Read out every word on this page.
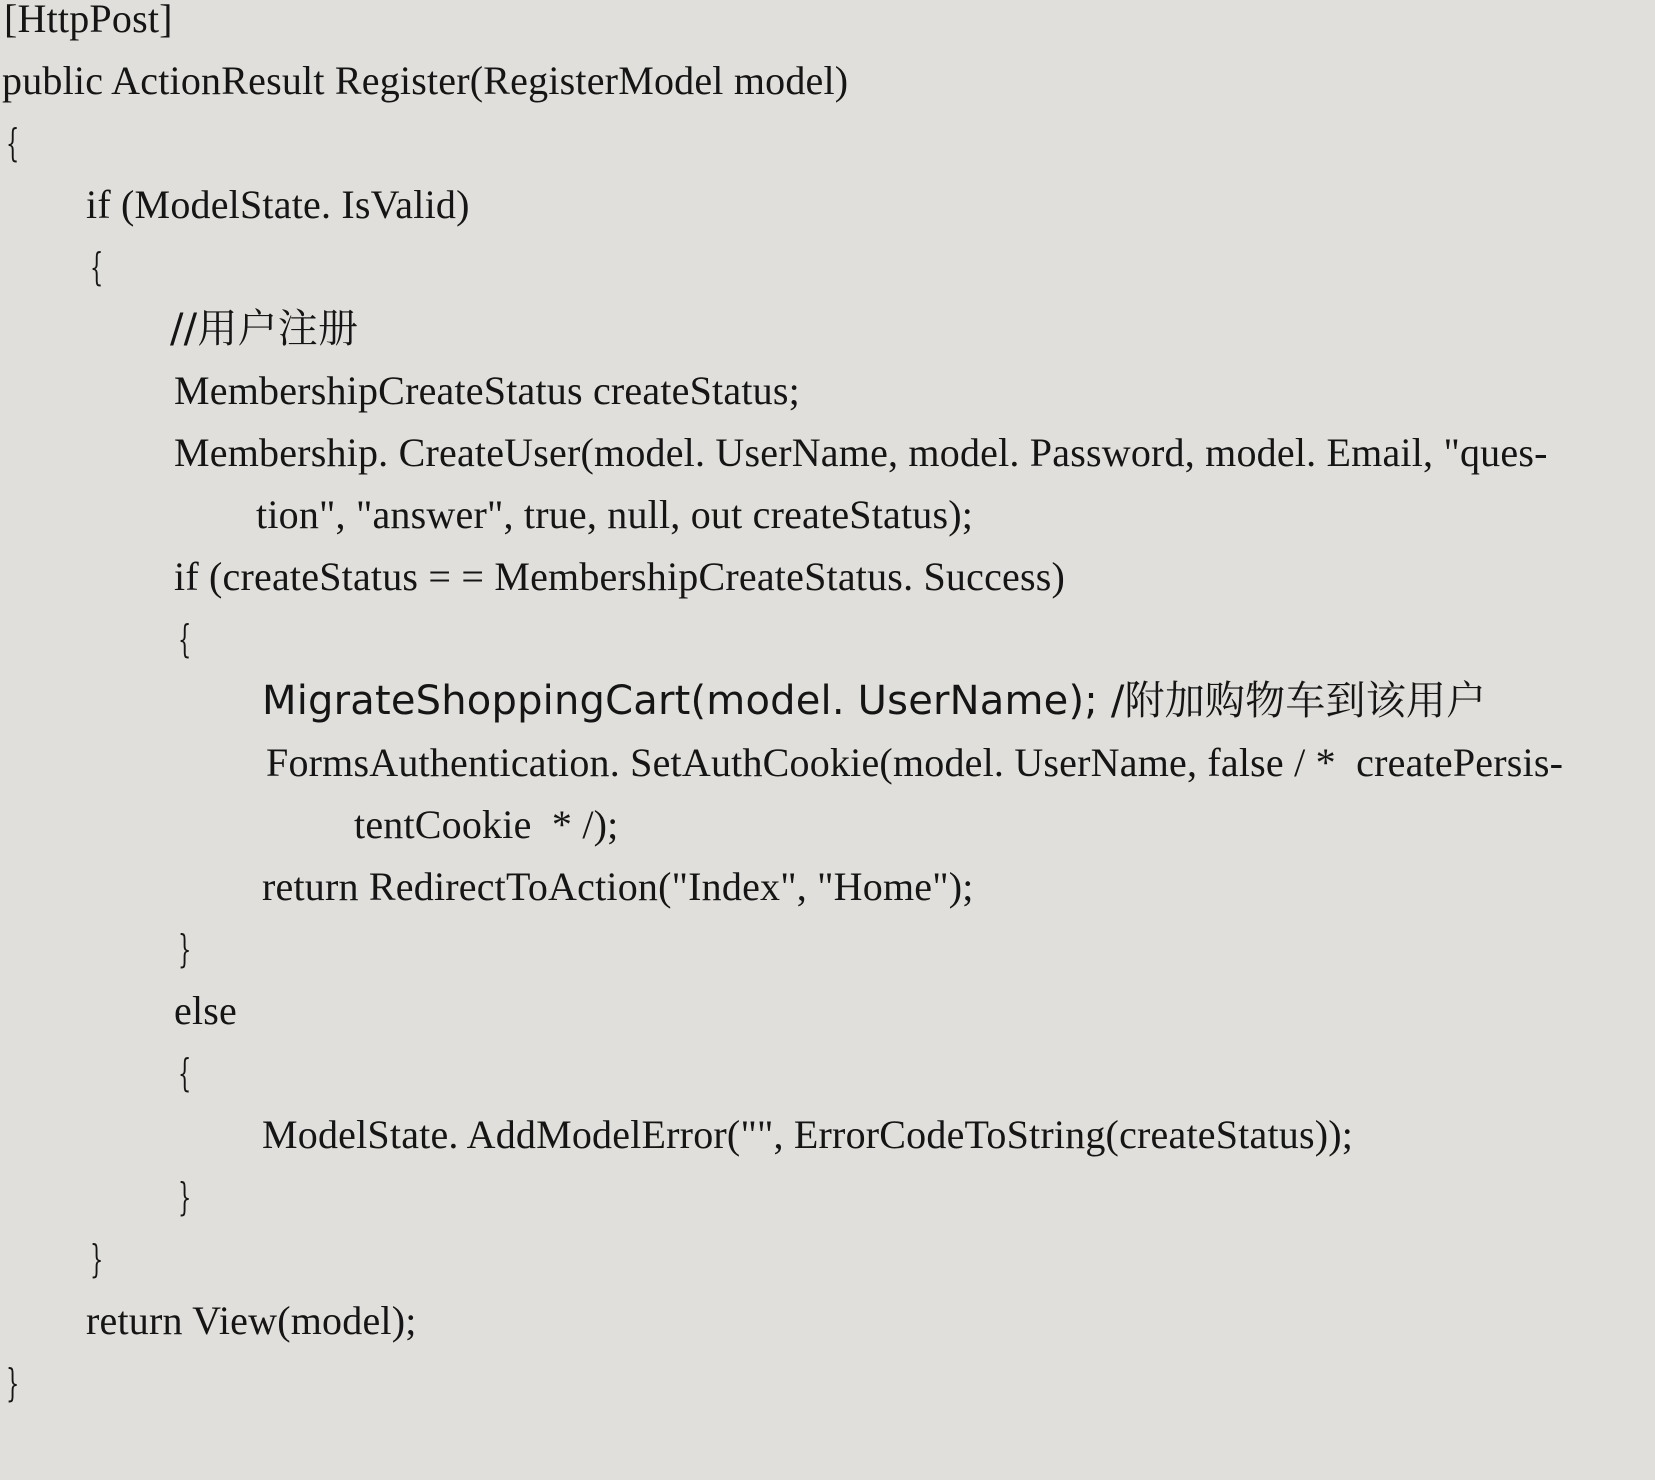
[HttpPost]
public ActionResult Register(RegisterModel model)
{
if (ModelState. IsValid)
{
//用户注册
MembershipCreateStatus createStatus;
Membership. CreateUser(model. UserName, model. Password, model. Email, "ques-
tion", "answer", true, null, out createStatus);
if (createStatus = = MembershipCreateStatus. Success)
{
MigrateShoppingCart(model. UserName); /附加购物车到该用户
FormsAuthentication. SetAuthCookie(model. UserName, false / *  createPersis-
tentCookie  * /);
return RedirectToAction("Index", "Home");
}
else
{
ModelState. AddModelError("", ErrorCodeToString(createStatus));
}
}
return View(model);
}
